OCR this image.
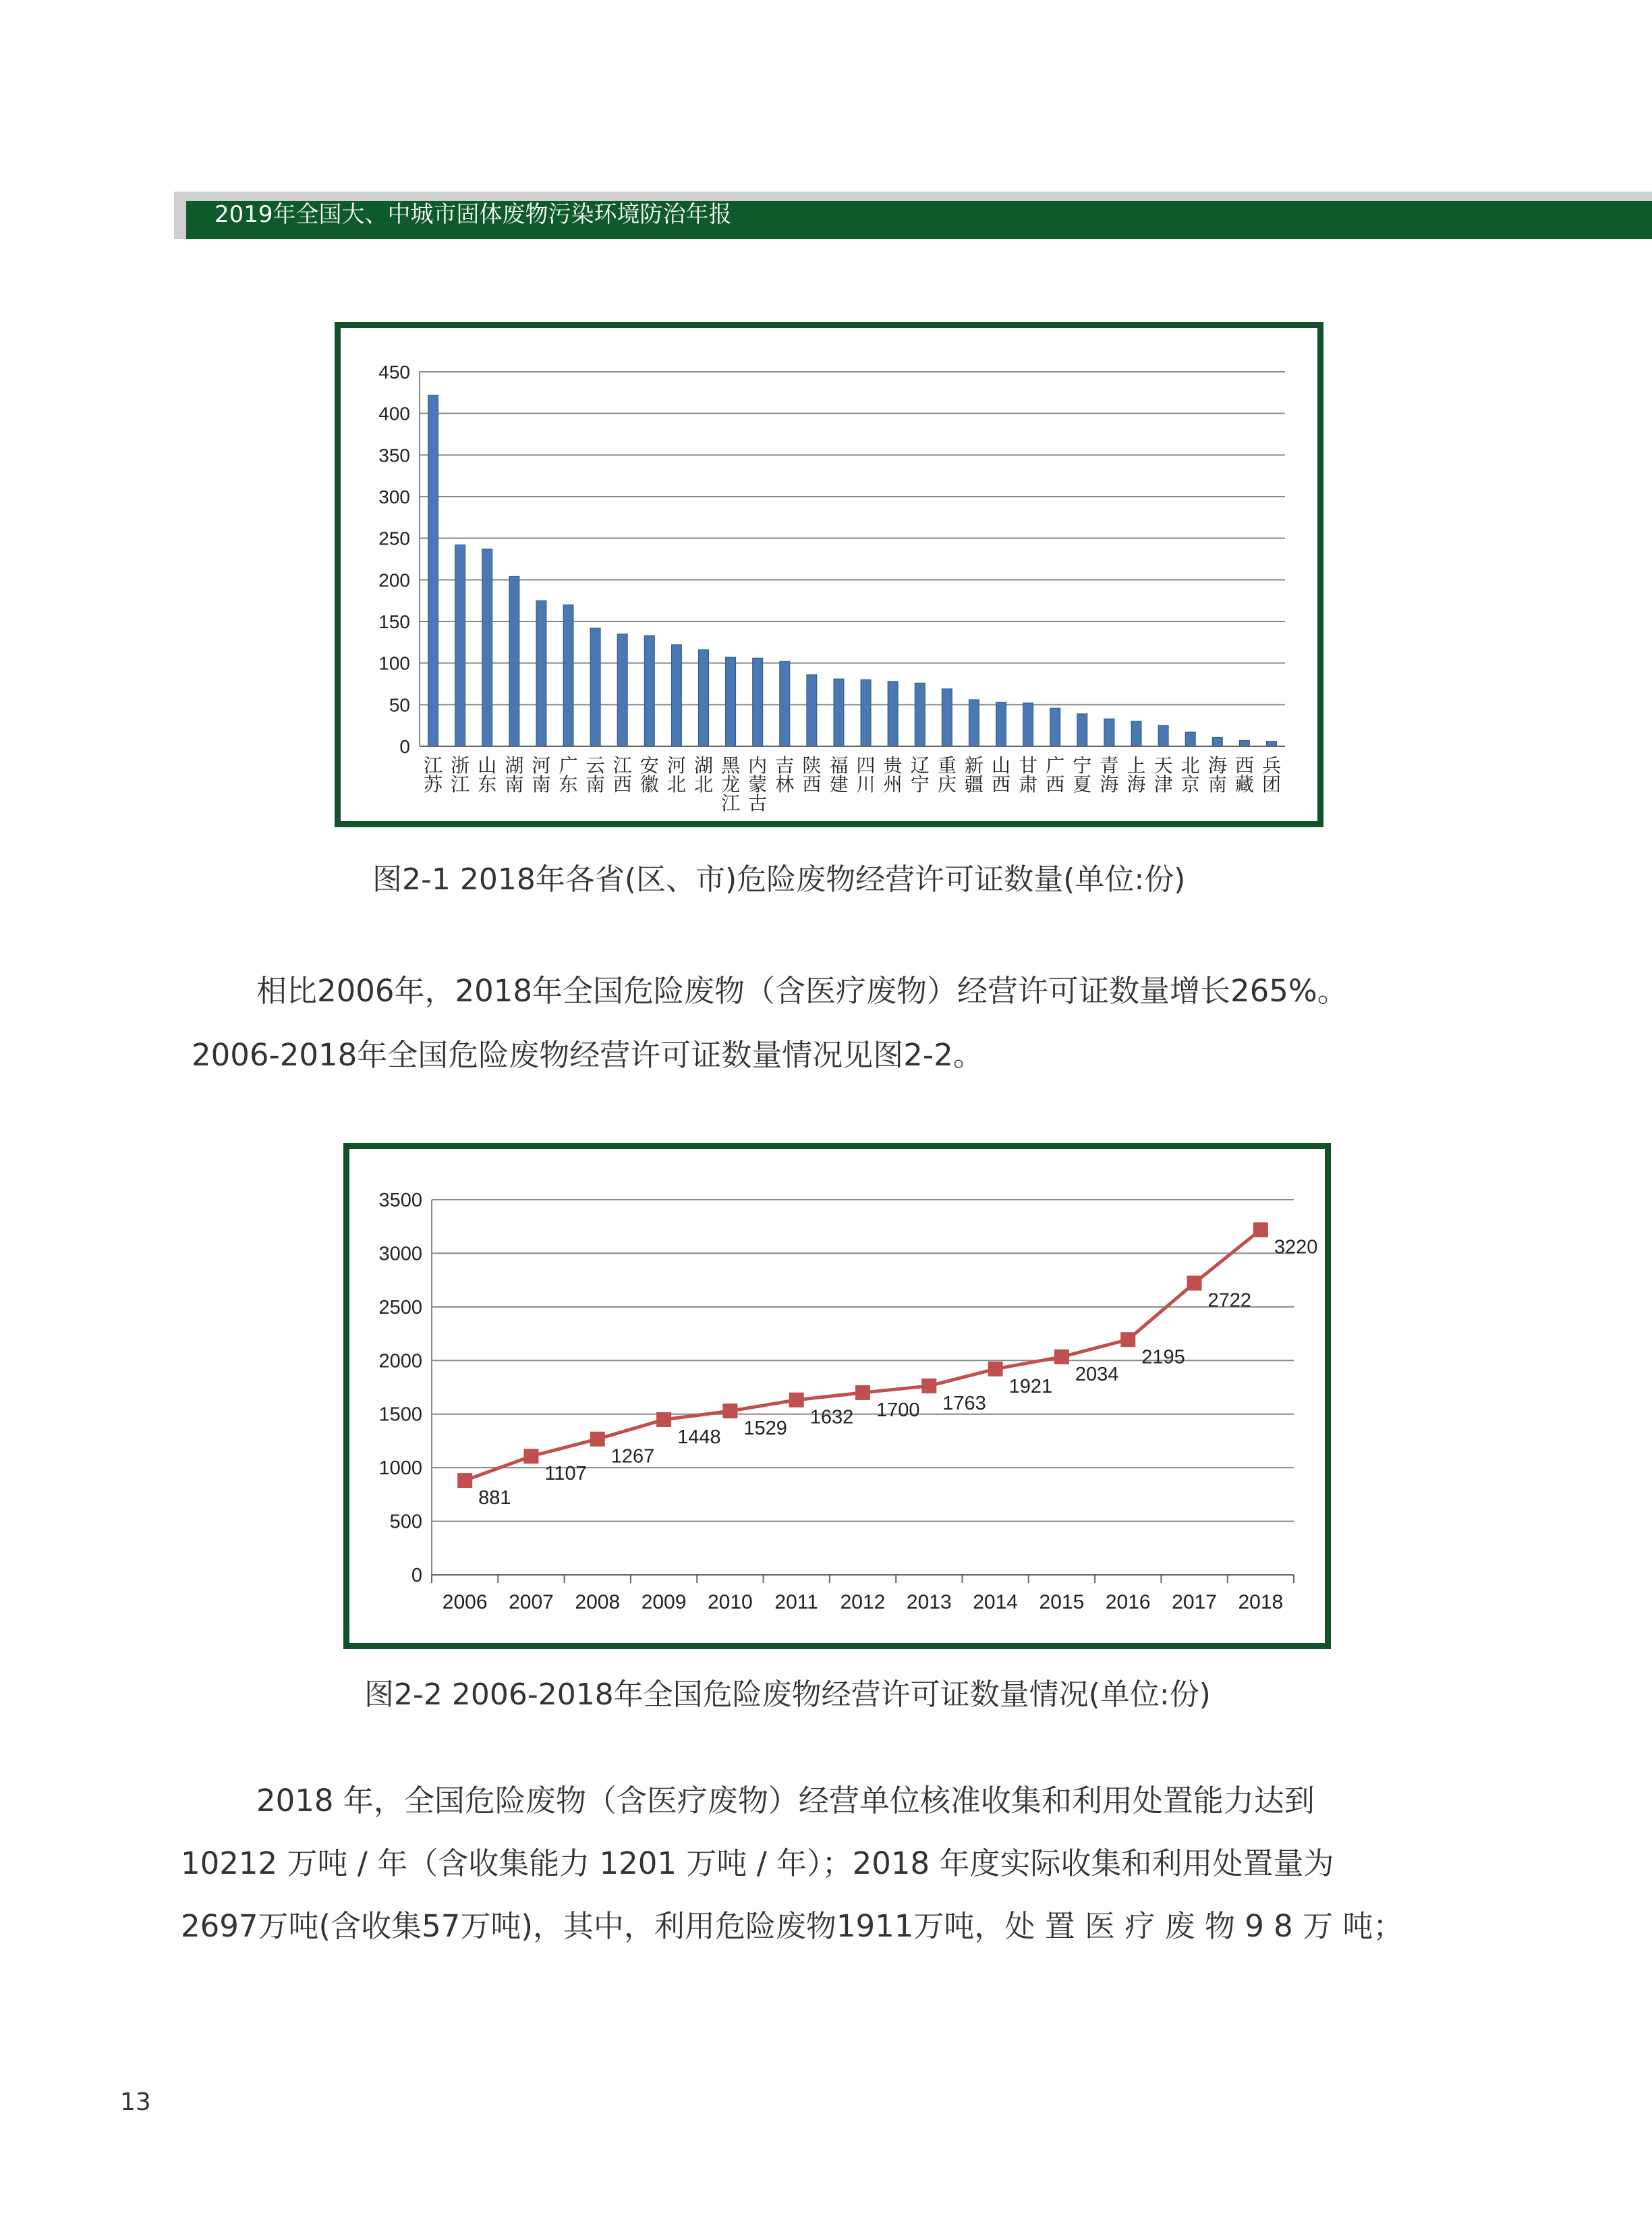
2019年全国大、中城市固体废物污染环境防治年报
0
50
100
150
200
250
300
350
400
450
江苏
浙江
山东
湖南
河南
广东
云南
江西
安徽
河北
湖北
黑龙江
内蒙古
吉林
陕西
福建
四川
贵州
辽宁
重庆
新疆
山西
甘肃
广西
宁夏
青海
上海
天津
北京
海南
西藏
兵团
图2-1 2018年各省(区、市)危险废物经营许可证数量(单位:份)
相比2006年，2018年全国危险废物（含医疗废物）经营许可证数量增长265%。
2006-2018年全国危险废物经营许可证数量情况见图2-2。
0
500
1000
1500
2000
2500
3000
3500
881
2006
1107
2007
1267
2008
1448
2009
1529
2010
1632
2011
1700
2012
1763
2013
1921
2014
2034
2015
2195
2016
2722
2017
3220
2018
图2-2 2006-2018年全国危险废物经营许可证数量情况(单位:份)
2018 年，全国危险废物（含医疗废物）经营单位核准收集和利用处置能力达到
10212 万吨 / 年（含收集能力 1201 万吨 / 年）；2018 年度实际收集和利用处置量为
2697万吨(含收集57万吨)，其中，利用危险废物1911万吨，处 置 医 疗 废 物 9 8 万 吨；
13
